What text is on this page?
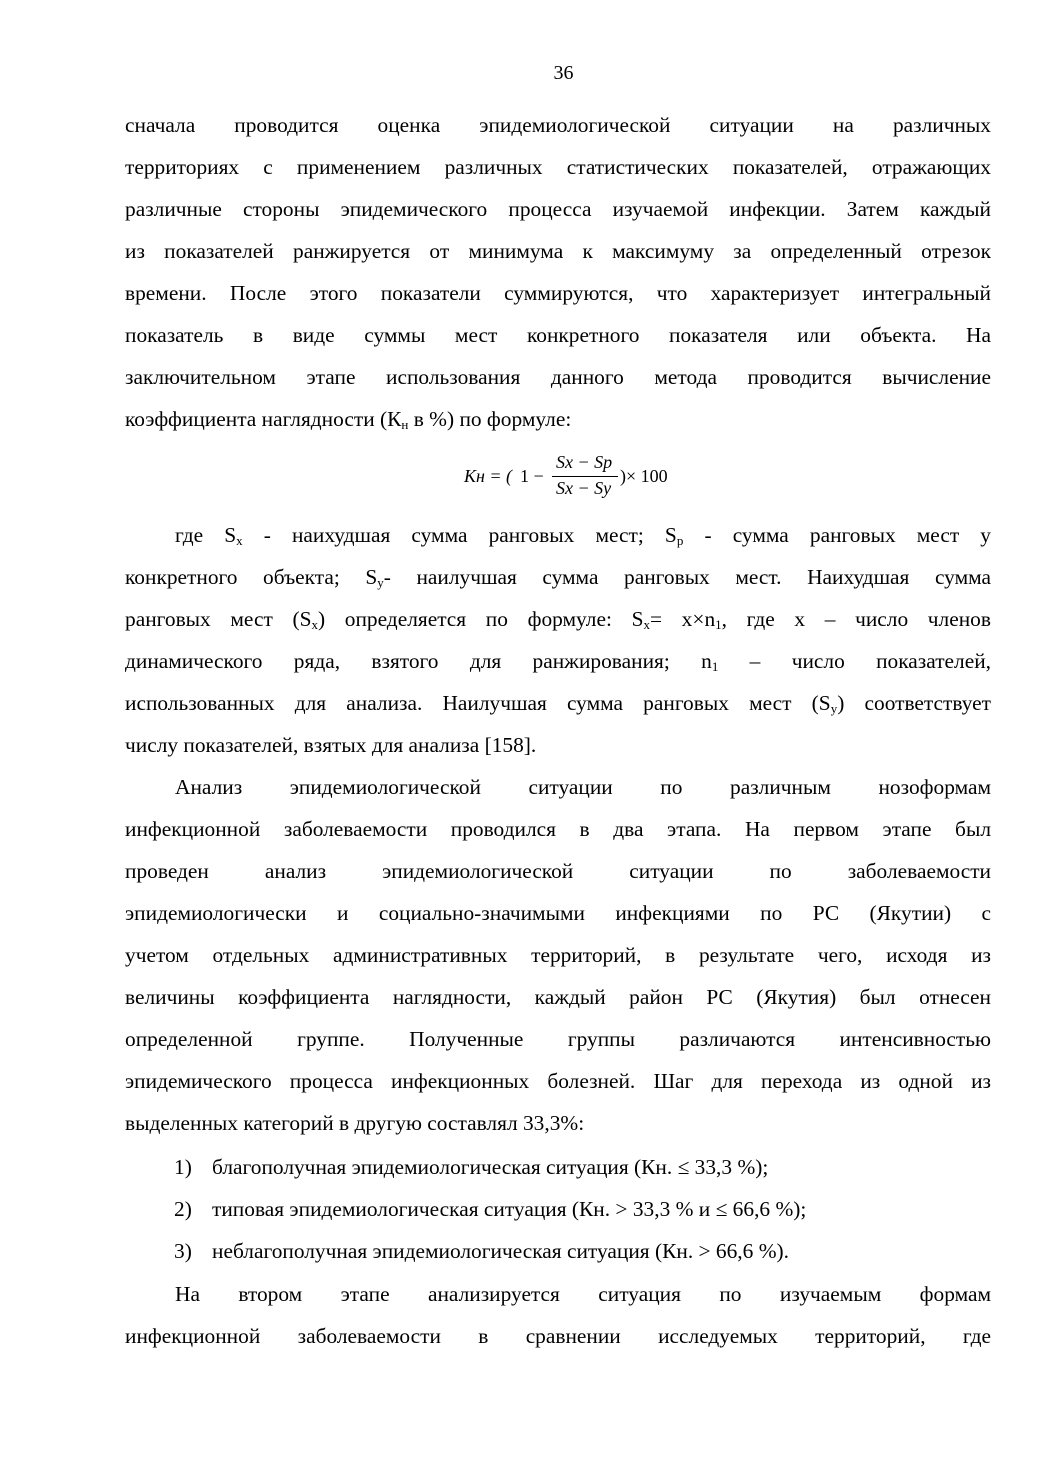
36
сначала проводится оценка эпидемиологической ситуации на различных
территориях с применением различных статистических показателей, отражающих
различные стороны эпидемического процесса изучаемой инфекции. Затем каждый
из показателей ранжируется от минимума к максимуму за определенный отрезок
времени. После этого показатели суммируются, что характеризует интегральный
показатель в виде суммы мест конкретного показателя или объекта. На
заключительном этапе использования данного метода проводится вычисление
коэффициента наглядности ($К_н$ в %) по формуле:
Кн = ( 1 −
Sx − Sp
Sx − Sy
)× 100
где $S_x$ - наихудшая сумма ранговых мест; $S_р$ - сумма ранговых мест у
конкретного объекта; $S_у-$ наилучшая сумма ранговых мест. Наихудшая сумма
ранговых мест $(S_x)$ определяется по формуле: $S_x= x\times n_1$, где x – число членов
динамического ряда, взятого для ранжирования; $n_1$ – число показателей,
использованных для анализа. Наилучшая сумма ранговых мест $(S_у)$ соответствует
числу показателей, взятых для анализа [158].
Анализ эпидемиологической ситуации по различным нозоформам
инфекционной заболеваемости проводился в два этапа. На первом этапе был
проведен анализ эпидемиологической ситуации по заболеваемости
эпидемиологически и социально-значимыми инфекциями по РС (Якутии) с
учетом отдельных административных территорий, в результате чего, исходя из
величины коэффициента наглядности, каждый район РС (Якутия) был отнесен
определенной группе. Полученные группы различаются интенсивностью
эпидемического процесса инфекционных болезней. Шаг для перехода из одной из
выделенных категорий в другую составлял 33,3%:
1) благополучная эпидемиологическая ситуация (Кн. ≤ 33,3 %);
2) типовая эпидемиологическая ситуация (Кн. > 33,3 % и ≤ 66,6 %);
3) неблагополучная эпидемиологическая ситуация (Кн. > 66,6 %).
На втором этапе анализируется ситуация по изучаемым формам
инфекционной заболеваемости в сравнении исследуемых территорий, где
